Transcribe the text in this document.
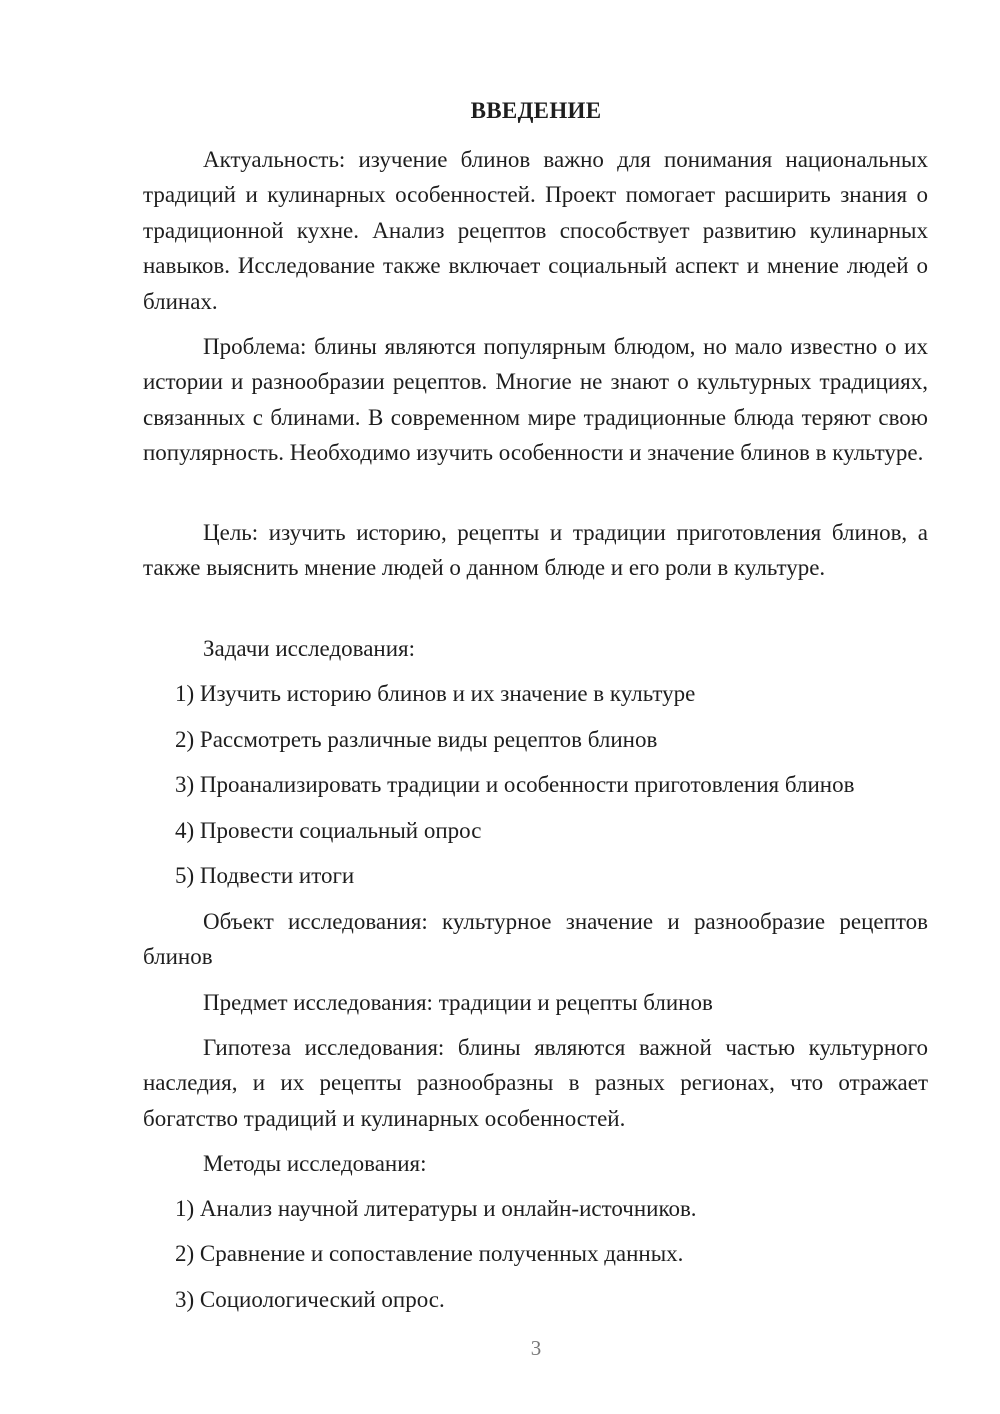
ВВЕДЕНИЕ

Актуальность: изучение блинов важно для понимания национальных традиций и кулинарных особенностей. Проект помогает расширить знания о традиционной кухне. Анализ рецептов способствует развитию кулинарных навыков. Исследование также включает социальный аспект и мнение людей о блинах.

Проблема: блины являются популярным блюдом, но мало известно о их истории и разнообразии рецептов. Многие не знают о культурных традициях, связанных с блинами. В современном мире традиционные блюда теряют свою популярность. Необходимо изучить особенности и значение блинов в культуре.

Цель: изучить историю, рецепты и традиции приготовления блинов, а также выяснить мнение людей о данном блюде и его роли в культуре.

Задачи исследования:

1) Изучить историю блинов и их значение в культуре

2) Рассмотреть различные виды рецептов блинов

3) Проанализировать традиции и особенности приготовления блинов

4) Провести социальный опрос

5) Подвести итоги

Объект исследования: культурное значение и разнообразие рецептов блинов

Предмет исследования: традиции и рецепты блинов

Гипотеза исследования: блины являются важной частью культурного наследия, и их рецепты разнообразны в разных регионах, что отражает богатство традиций и кулинарных особенностей.

Методы исследования:

1) Анализ научной литературы и онлайн-источников.

2) Сравнение и сопоставление полученных данных.

3) Социологический опрос.

3
